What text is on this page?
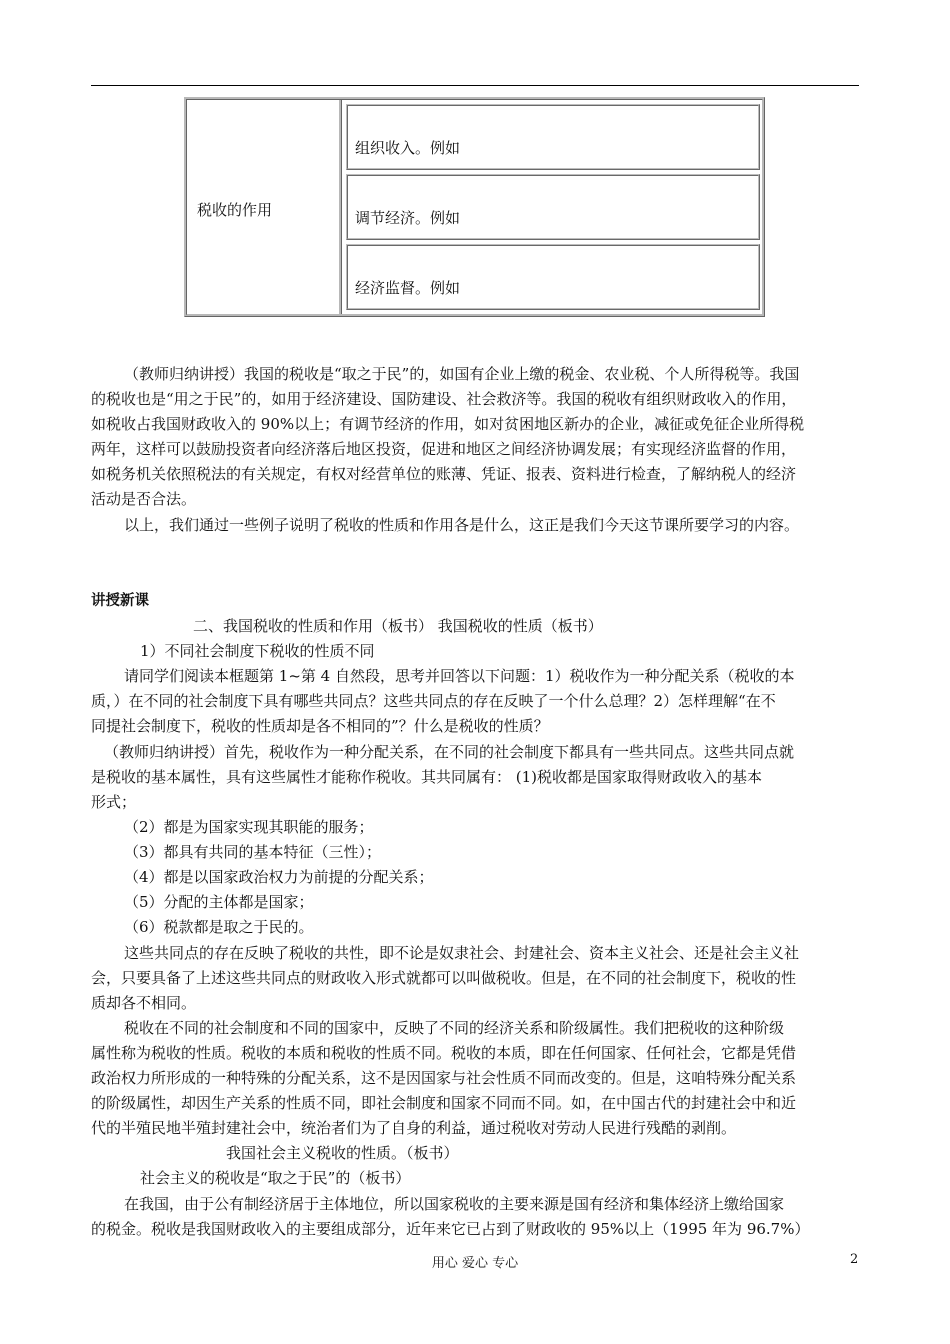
税收的作用
组织收入。例如
调节经济。例如
经济监督。例如
（教师归纳讲授）我国的税收是“取之于民”的，如国有企业上缴的税金、农业税、个人所得税等。我国
的税收也是“用之于民”的，如用于经济建设、国防建设、社会救济等。我国的税收有组织财政收入的作用，
如税收占我国财政收入的 90%以上；有调节经济的作用，如对贫困地区新办的企业，减征或免征企业所得税
两年，这样可以鼓励投资者向经济落后地区投资，促进和地区之间经济协调发展；有实现经济监督的作用，
如税务机关依照税法的有关规定，有权对经营单位的账薄、凭证、报表、资料进行检查，了解纳税人的经济
活动是否合法。
以上，我们通过一些例子说明了税收的性质和作用各是什么，这正是我们今天这节课所要学习的内容。
讲授新课
二、我国税收的性质和作用（板书） 我国税收的性质（板书）
1）不同社会制度下税收的性质不同
请同学们阅读本框题第 1~第 4 自然段，思考并回答以下问题：1）税收作为一种分配关系（税收的本
质，）在不同的社会制度下具有哪些共同点？这些共同点的存在反映了一个什么总理？2）怎样理解“在不
同提社会制度下，税收的性质却是各不相同的”？什么是税收的性质？
（教师归纳讲授）首先，税收作为一种分配关系，在不同的社会制度下都具有一些共同点。这些共同点就
是税收的基本属性，具有这些属性才能称作税收。其共同属有： (1)税收都是国家取得财政收入的基本
形式；
（2）都是为国家实现其职能的服务；
（3）都具有共同的基本特征（三性）；
（4）都是以国家政治权力为前提的分配关系；
（5）分配的主体都是国家；
（6）税款都是取之于民的。
这些共同点的存在反映了税收的共性，即不论是奴隶社会、封建社会、资本主义社会、还是社会主义社
会，只要具备了上述这些共同点的财政收入形式就都可以叫做税收。但是，在不同的社会制度下，税收的性
质却各不相同。
税收在不同的社会制度和不同的国家中，反映了不同的经济关系和阶级属性。我们把税收的这种阶级
属性称为税收的性质。税收的本质和税收的性质不同。税收的本质，即在任何国家、任何社会，它都是凭借
政治权力所形成的一种特殊的分配关系，这不是因国家与社会性质不同而改变的。但是，这咱特殊分配关系
的阶级属性，却因生产关系的性质不同，即社会制度和国家不同而不同。如，在中国古代的封建社会中和近
代的半殖民地半殖封建社会中，统治者们为了自身的利益，通过税收对劳动人民进行残酷的剥削。
我国社会主义税收的性质。（板书）
社会主义的税收是“取之于民”的（板书）
在我国，由于公有制经济居于主体地位，所以国家税收的主要来源是国有经济和集体经济上缴给国家
的税金。税收是我国财政收入的主要组成部分，近年来它已占到了财政收的 95%以上（1995 年为 96.7%）
用心 爱心 专心	2
